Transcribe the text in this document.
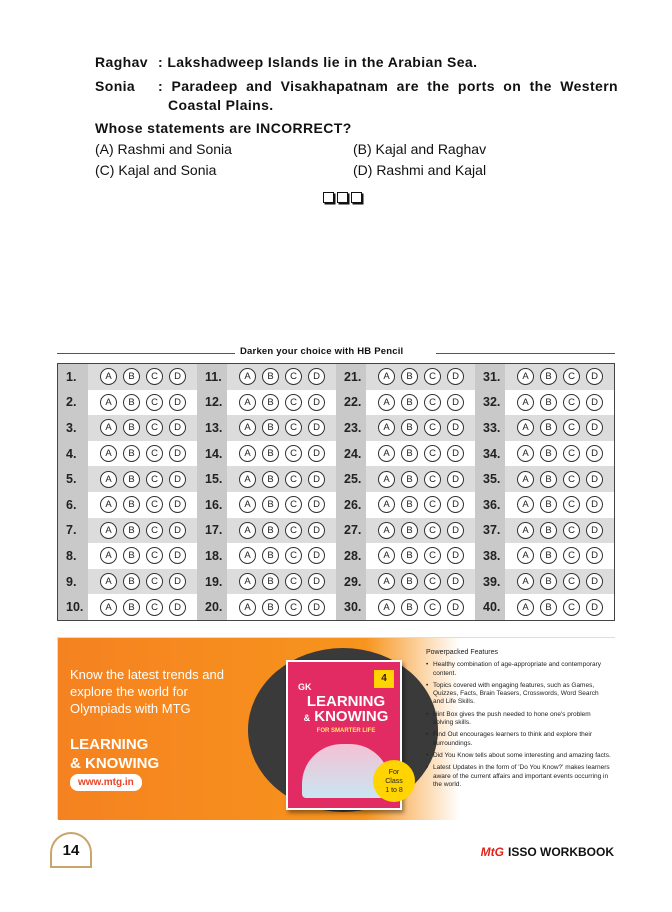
Raghav : Lakshadweep Islands lie in the Arabian Sea.
Sonia : Paradeep and Visakhapatnam are the ports on the Western
Coastal Plains.
Whose statements are INCORRECT?
(A) Rashmi and Sonia	(B) Kajal and Raghav
(C) Kajal and Sonia	(D) Rashmi and Kajal
Darken your choice with HB Pencil
1.	A	B	C	D	11.	A	B	C	D	21.	A	B	C	D	31.	A	B	C	D
2.	A	B	C	D	12.	A	B	C	D	22.	A	B	C	D	32.	A	B	C	D
3.	A	B	C	D	13.	A	B	C	D	23.	A	B	C	D	33.	A	B	C	D
4.	A	B	C	D	14.	A	B	C	D	24.	A	B	C	D	34.	A	B	C	D
5.	A	B	C	D	15.	A	B	C	D	25.	A	B	C	D	35.	A	B	C	D
6.	A	B	C	D	16.	A	B	C	D	26.	A	B	C	D	36.	A	B	C	D
7.	A	B	C	D	17.	A	B	C	D	27.	A	B	C	D	37.	A	B	C	D
8.	A	B	C	D	18.	A	B	C	D	28.	A	B	C	D	38.	A	B	C	D
9.	A	B	C	D	19.	A	B	C	D	29.	A	B	C	D	39.	A	B	C	D
10.	A	B	C	D	20.	A	B	C	D	30.	A	B	C	D	40.	A	B	C	D
Know the latest trends and explore the world for Olympiads with MTG
LEARNING
& KNOWING
www.mtg.in
4
GK
LEARNING
& KNOWING
FOR SMARTER LIFE
For
Class
1 to 8
Powerpacked Features
• Healthy combination of age-appropriate and contemporary content.
• Topics covered with engaging features, such as Games, Quizzes, Facts, Brain Teasers, Crosswords, Word Search and Life Skills.
• Hint Box gives the push needed to hone one's problem solving skills.
• Find Out encourages learners to think and explore their surroundings.
• Did You Know tells about some interesting and amazing facts.
• Latest Updates in the form of 'Do You Know?' makes learners aware of the current affairs and important events occurring in the world.
14	MtG ISSO WORKBOOK
